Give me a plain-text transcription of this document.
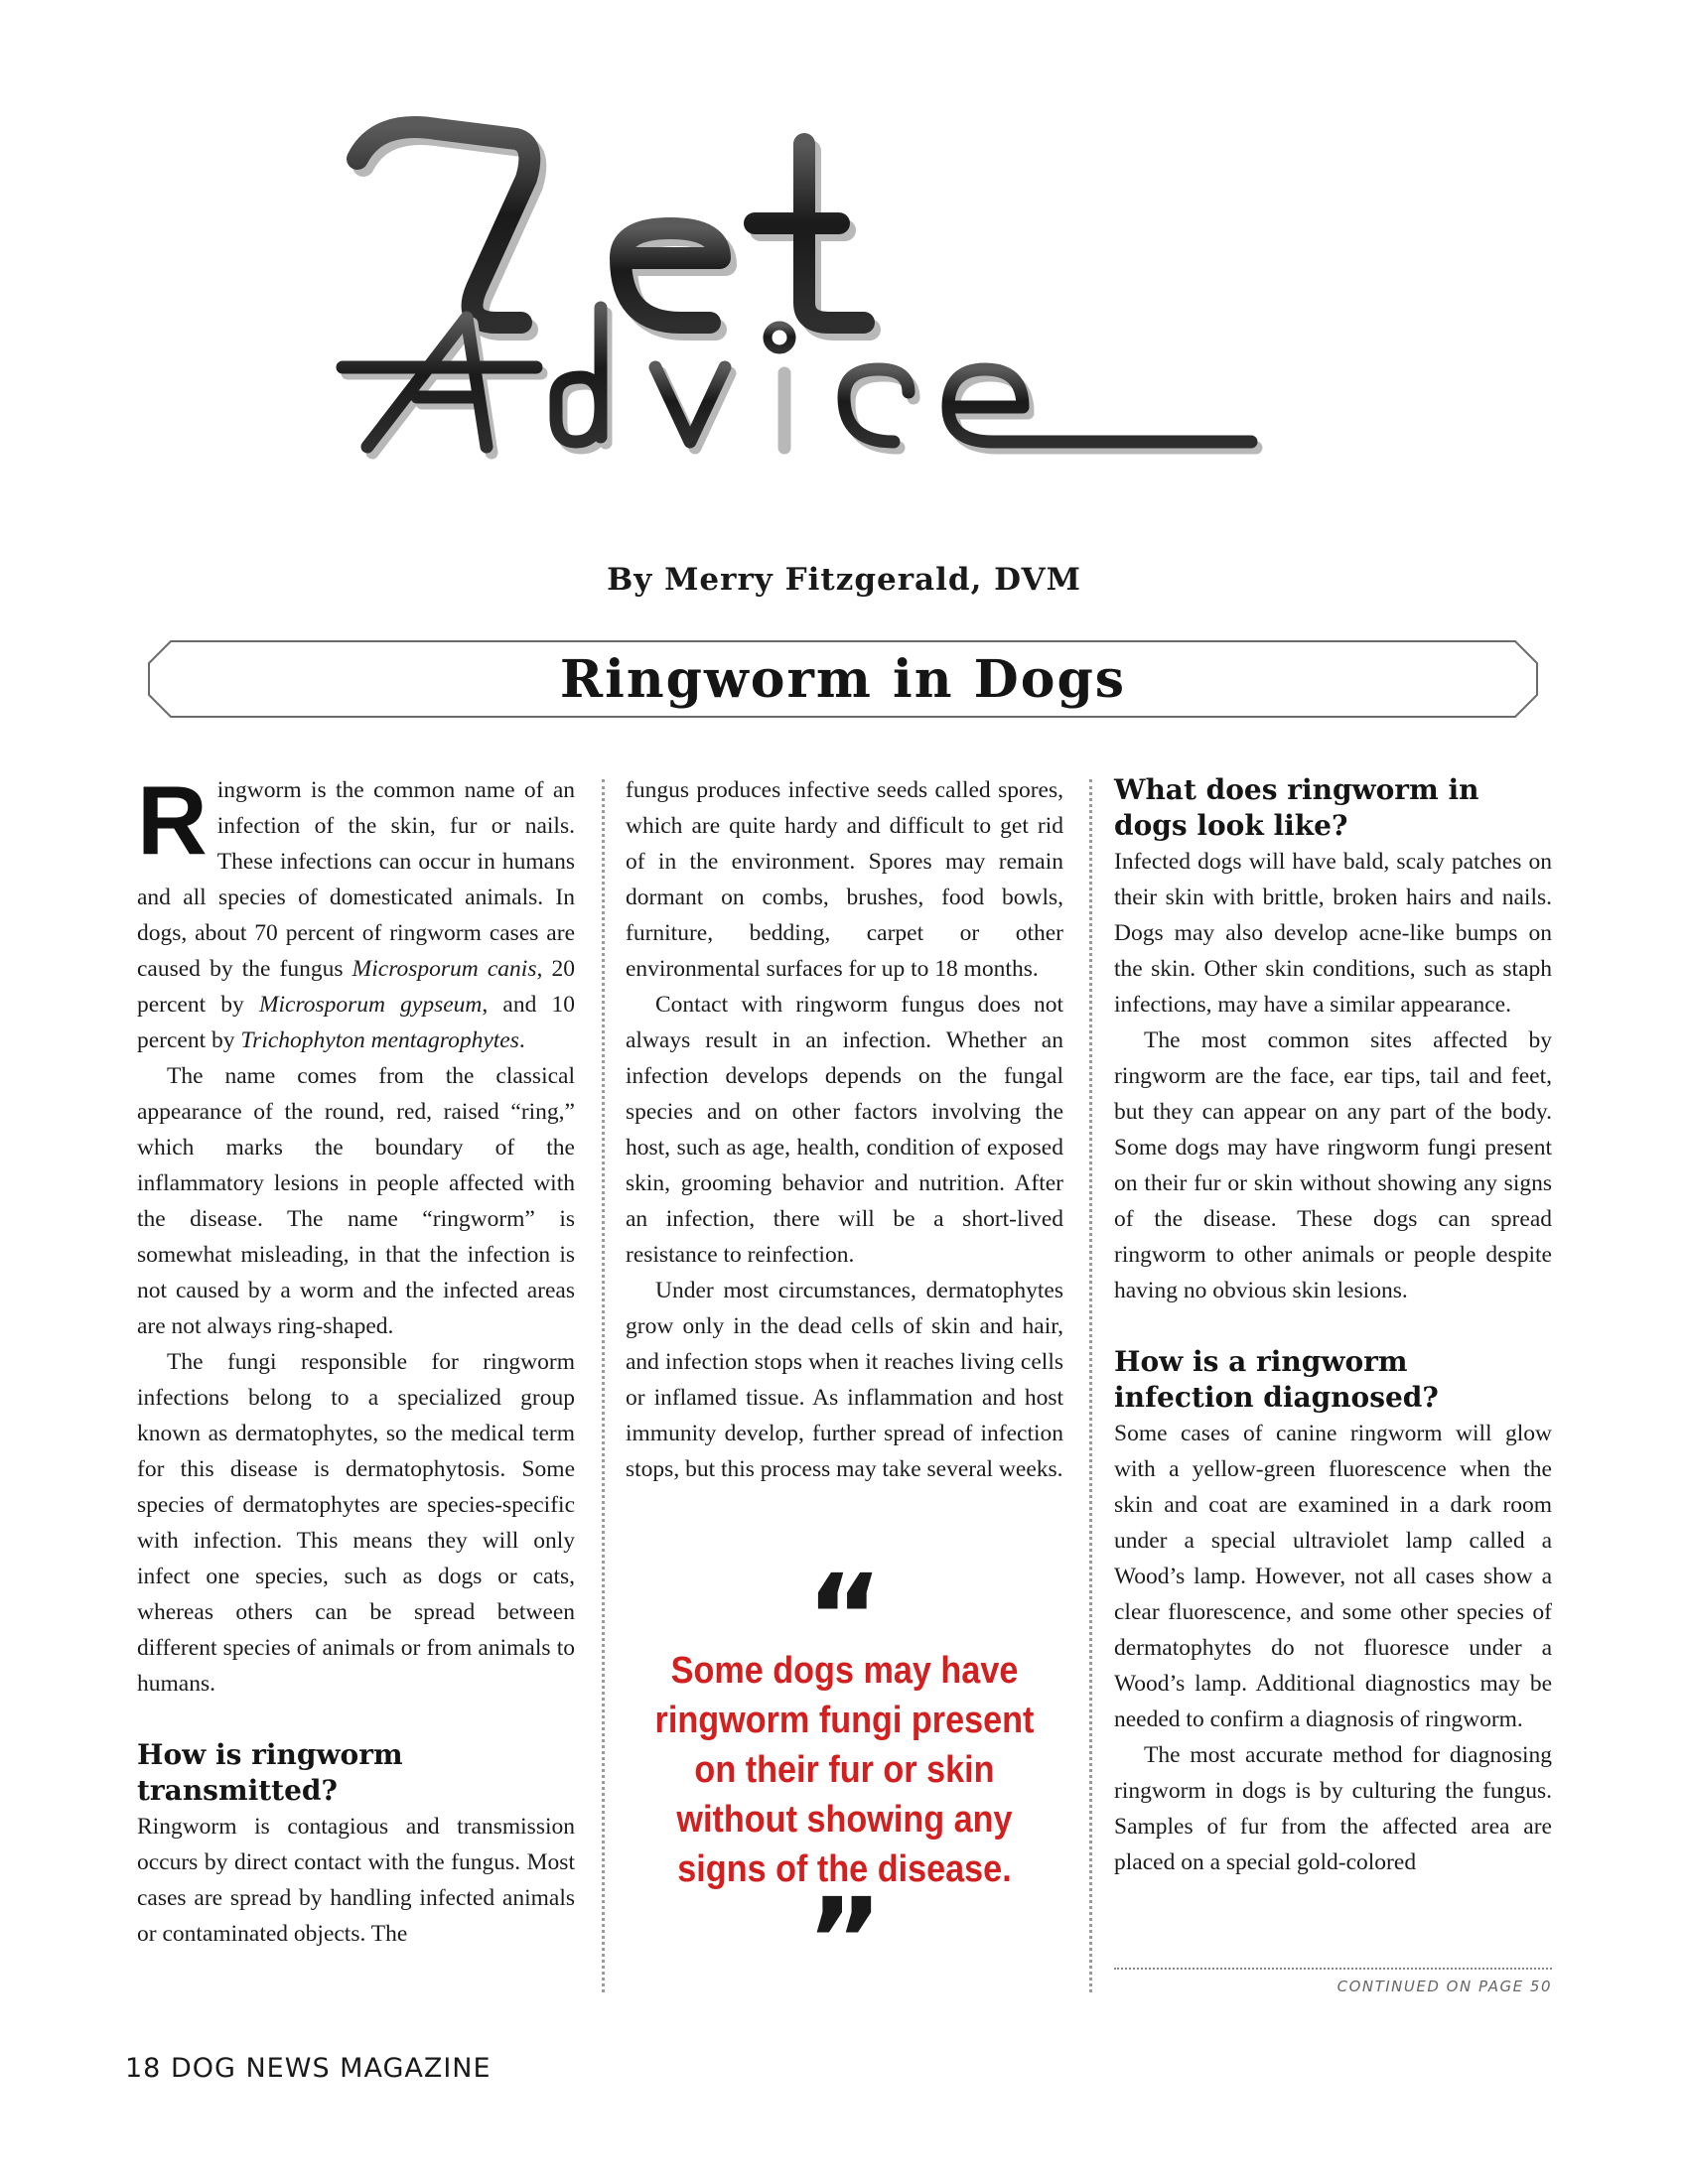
By Merry Fitzgerald, DVM
Ringworm in Dogs

Ringworm is the common name of an infection of the skin, fur or nails. These infections can occur in humans and all species of domesticated animals. In dogs, about 70 percent of ringworm cases are caused by the fungus Microsporum canis, 20 percent by Microsporum gypseum, and 10 percent by Trichophyton mentagrophytes.

The name comes from the classical appearance of the round, red, raised “ring,” which marks the boundary of the inflammatory lesions in people affected with the disease. The name “ringworm” is somewhat misleading, in that the infection is not caused by a worm and the infected areas are not always ring-shaped.

The fungi responsible for ringworm infections belong to a specialized group known as dermatophytes, so the medical term for this disease is dermatophytosis. Some species of dermatophytes are species-specific with infection. This means they will only infect one species, such as dogs or cats, whereas others can be spread between different species of animals or from animals to humans.

How is ringworm
transmitted?

Ringworm is contagious and transmission occurs by direct contact with the fungus. Most cases are spread by handling infected animals or contaminated objects. The

fungus produces infective seeds called spores, which are quite hardy and difficult to get rid of in the environment. Spores may remain dormant on combs, brushes, food bowls, furniture, bedding, carpet or other environmental surfaces for up to 18 months.

Contact with ringworm fungus does not always result in an infection. Whether an infection develops depends on the fungal species and on other factors involving the host, such as age, health, condition of exposed skin, grooming behavior and nutrition. After an infection, there will be a short-lived resistance to reinfection.

Under most circumstances, dermatophytes grow only in the dead cells of skin and hair, and infection stops when it reaches living cells or inflamed tissue. As inflammation and host immunity develop, further spread of infection stops, but this process may take several weeks.

“
Some dogs may have
ringworm fungi present
on their fur or skin
without showing any
signs of the disease.
”
What does ringworm in
dogs look like?

Infected dogs will have bald, scaly patches on their skin with brittle, broken hairs and nails. Dogs may also develop acne-like bumps on the skin. Other skin conditions, such as staph infections, may have a similar appearance.

The most common sites affected by ringworm are the face, ear tips, tail and feet, but they can appear on any part of the body. Some dogs may have ringworm fungi present on their fur or skin without showing any signs of the disease. These dogs can spread ringworm to other animals or people despite having no obvious skin lesions.

How is a ringworm
infection diagnosed?

Some cases of canine ringworm will glow with a yellow-green fluorescence when the skin and coat are examined in a dark room under a special ultraviolet lamp called a Wood’s lamp. However, not all cases show a clear fluorescence, and some other species of dermatophytes do not fluoresce under a Wood’s lamp. Additional diagnostics may be needed to confirm a diagnosis of ringworm.

The most accurate method for diagnosing ringworm in dogs is by culturing the fungus. Samples of fur from the affected area are placed on a special gold-colored

CONTINUED ON PAGE 50
18 DOG NEWS MAGAZINE
